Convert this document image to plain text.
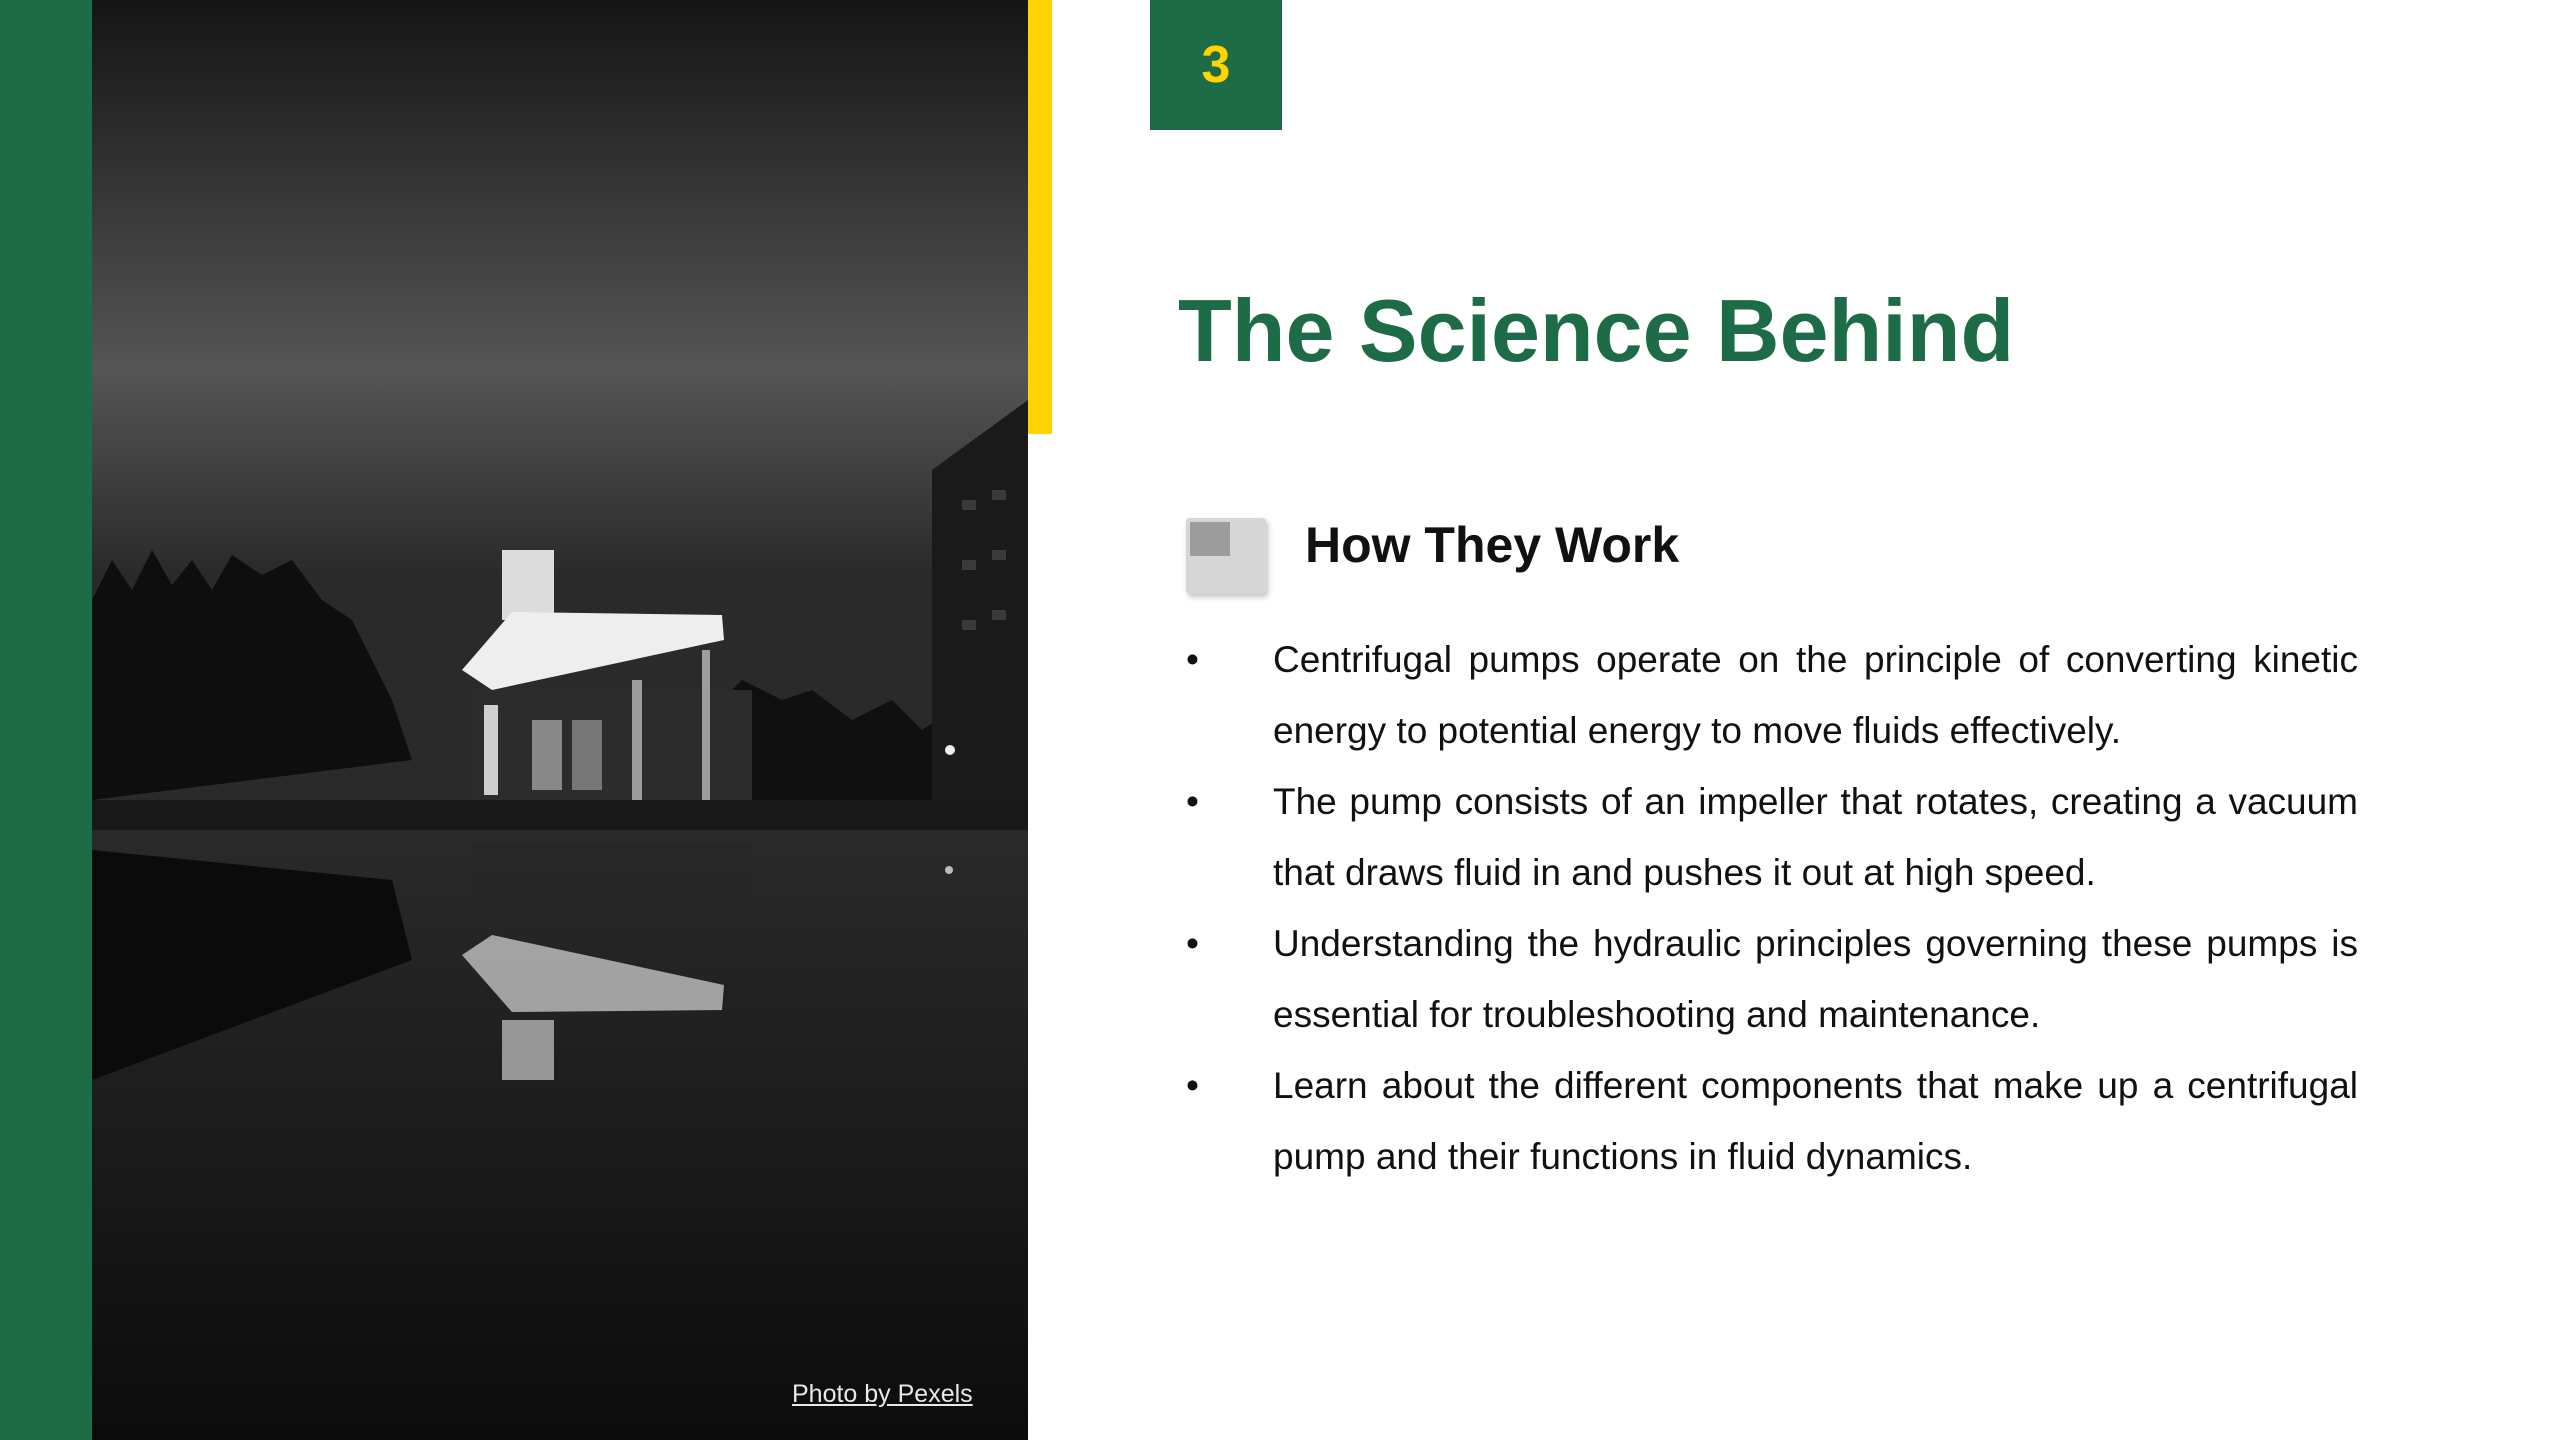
Photo by Pexels
3
The Science Behind
How They Work
• Centrifugal pumps operate on the principle of converting kinetic energy to potential energy to move fluids effectively.
• The pump consists of an impeller that rotates, creating a vacuum that draws fluid in and pushes it out at high speed.
• Understanding the hydraulic principles governing these pumps is essential for troubleshooting and maintenance.
• Learn about the different components that make up a centrifugal pump and their functions in fluid dynamics.
